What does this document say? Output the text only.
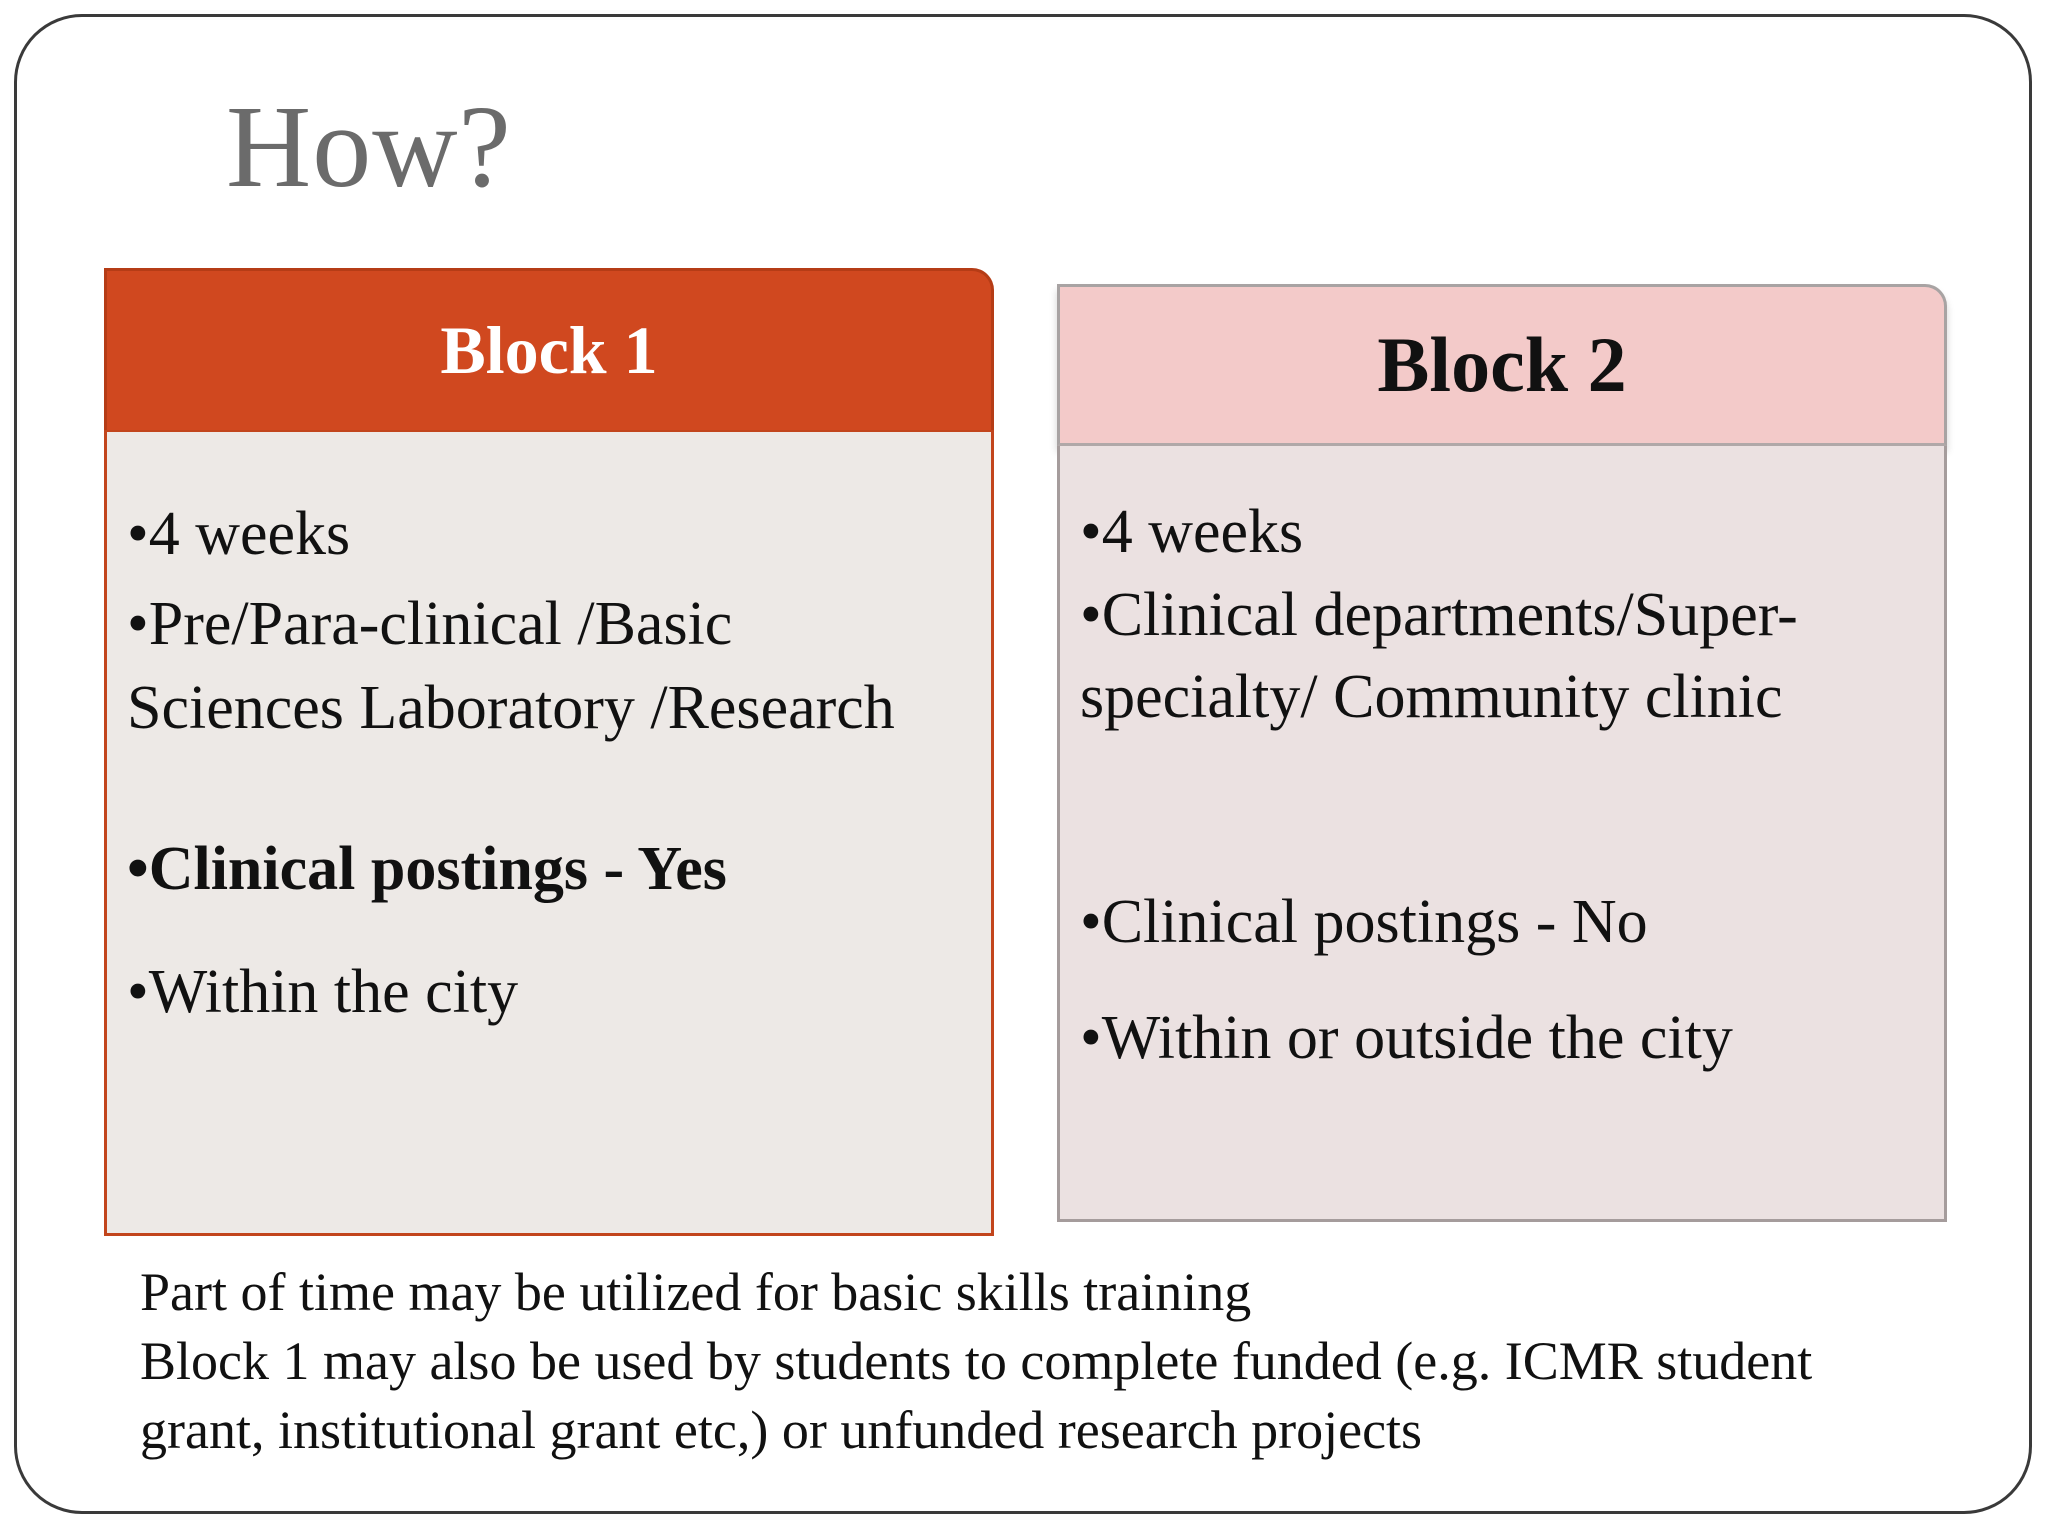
How?
Block 1
•4 weeks
•Pre/Para-clinical /Basic Sciences Laboratory /Research
•Clinical postings - Yes
•Within the city
Block 2
•4 weeks
•Clinical departments/Super-specialty/ Community clinic
•Clinical postings - No
•Within or outside the city
Part of time may be utilized for basic skills training
Block 1 may also be used by students to complete funded (e.g. ICMR student grant, institutional grant etc,) or unfunded research projects
